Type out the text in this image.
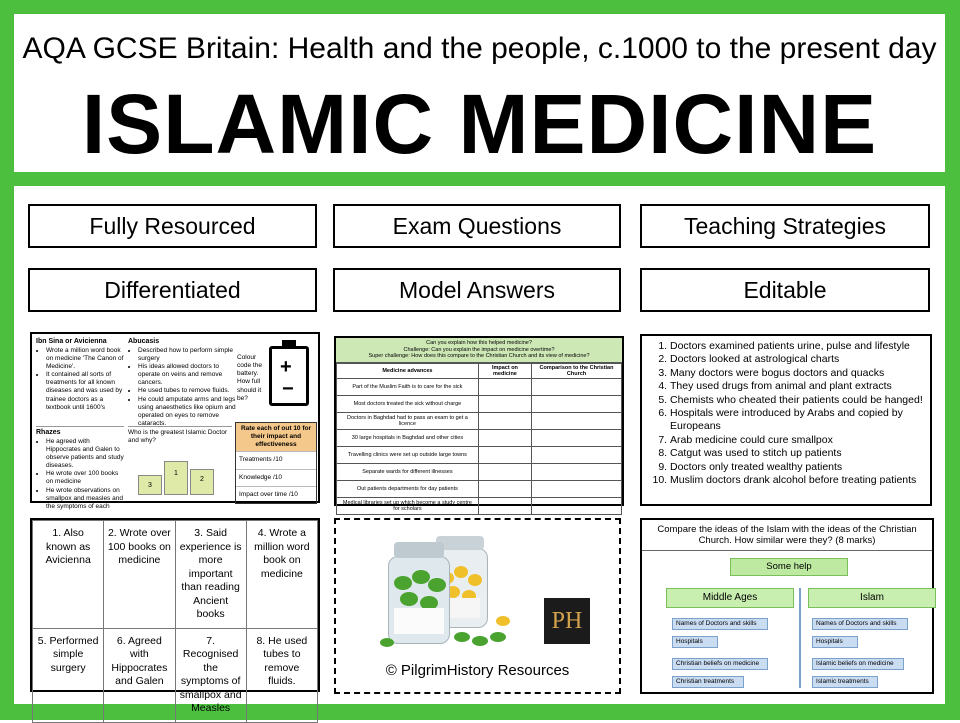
AQA GCSE Britain: Health and the people, c.1000 to the present day
ISLAMIC MEDICINE
Fully Resourced	Exam Questions	Teaching Strategies
Differentiated	Model Answers	Editable
Ibn Sina or Avicienna
• Wrote a million word book on medicine 'The Canon of Medicine'.
• It contained all sorts of treatments for all known diseases and was used by trainee doctors as a textbook until 1600's
Abucasis
• Described how to perform simple surgery
• His ideas allowed doctors to operate on veins and remove cancers.
• He used tubes to remove fluids.
• He could amputate arms and legs using anaesthetics like opium and operated on eyes to remove cataracts.
Colour code the battery. How full should it be?
+
−
Rhazes
• He agreed with Hippocrates and Galen to observe patients and study diseases.
• He wrote over 100 books on medicine
• He wrote observations on smallpox and measles and the symptoms of each
Who is the greatest Islamic Doctor and why?
3
1
2
Rate each of out 10 for their impact and effectiveness
Treatments /10
Knowledge /10
Impact over time /10
Can you explain how this helped medicine?
Challenge: Can you explain the impact on medicine overtime?
Super challenge: How does this compare to the Christian Church and its view of medicine?
Medicine advances	Impact on medicine	Comparison to the Christian Church
Part of the Muslim Faith is to care for the sick		
Most doctors treated the sick without charge		
Doctors in Baghdad had to pass an exam to get a licence		
30 large hospitals in Baghdad and other cities		
Travelling clinics were set up outside large towns		
Separate wards for different illnesses		
Out patients departments for day patients		
Medical libraries set up which become a study centre for scholars		
1. Doctors examined patients urine, pulse and lifestyle
2. Doctors looked at astrological charts
3. Many doctors were bogus doctors and quacks
4. They used drugs from animal and plant extracts
5. Chemists who cheated their patients could be hanged!
6. Hospitals were introduced by Arabs and copied by Europeans
7. Arab medicine could cure smallpox
8. Catgut was used to stitch up patients
9. Doctors only treated wealthy patients
10. Muslim doctors drank alcohol before treating patients
1. Also known as Avicienna	2. Wrote over 100 books on medicine	3. Said experience is more important than reading Ancient books	4. Wrote a million word book on medicine
5. Performed simple surgery	6. Agreed with Hippocrates and Galen	7. Recognised the symptoms of smallpox and Measles	8. He used tubes to remove fluids.
PH
© PilgrimHistory Resources
Compare the ideas of the Islam with the ideas of the Christian Church. How similar were they? (8 marks)
Some help
Middle Ages	Islam
Names of Doctors and skills
Hospitals
Christian beliefs on medicine
Christian treatments
Names of Doctors and skills
Hospitals
Islamic beliefs on medicine
Islamic treatments
